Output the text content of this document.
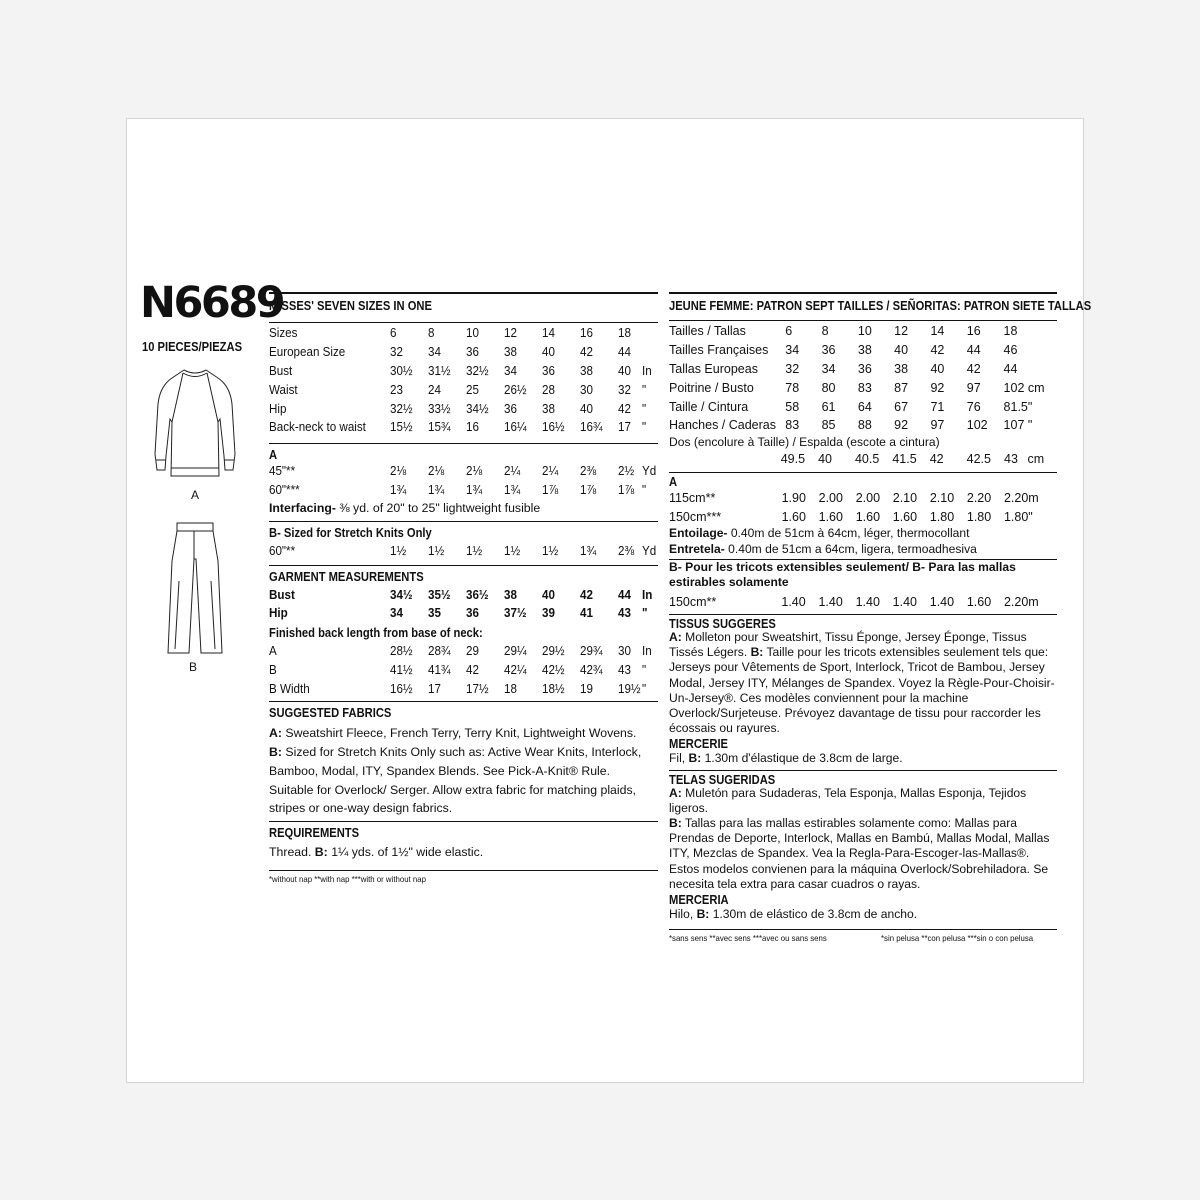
N6689
10 PIECES/PIEZAS
A
B
MISSES' SEVEN SIZES IN ONE
Sizes	6	8	10	12	14	16	18	
European Size	32	34	36	38	40	42	44	
Bust	30½	31½	32½	34	36	38	40	In
Waist	23	24	25	26½	28	30	32	"
Hip	32½	33½	34½	36	38	40	42	"
Back-neck to waist	15½	15¾	16	16¼	16½	16¾	17	"
A
45"**	2⅛	2⅛	2⅛	2¼	2¼	2⅜	2½	Yd
60"***	1¾	1¾	1¾	1¾	1⅞	1⅞	1⅞	"
Interfacing- ⅜ yd. of 20" to 25" lightweight fusible
B- Sized for Stretch Knits Only
60"**	1½	1½	1½	1½	1½	1¾	2⅜	Yd
GARMENT MEASUREMENTS
Bust	34½	35½	36½	38	40	42	44	In
Hip	34	35	36	37½	39	41	43	"
Finished back length from base of neck:
A	28½	28¾	29	29¼	29½	29¾	30	In
B	41½	41¾	42	42¼	42½	42¾	43	"
B Width	16½	17	17½	18	18½	19	19½	"
SUGGESTED FABRICS
A: Sweatshirt Fleece, French Terry, Terry Knit, Lightweight Wovens.
B: Sized for Stretch Knits Only such as: Active Wear Knits, Interlock, Bamboo, Modal, ITY, Spandex Blends. See Pick-A-Knit® Rule. Suitable for Overlock/ Serger. Allow extra fabric for matching plaids, stripes or one-way design fabrics.
REQUIREMENTS
Thread. B: 1¼ yds. of 1½" wide elastic.
*without nap **with nap ***with or without nap
JEUNE FEMME: PATRON SEPT TAILLES / SEÑORITAS: PATRON SIETE TALLAS
Tailles / Tallas	6	8	10	12	14	16	18	
Tailles Françaises	34	36	38	40	42	44	46	
Tallas Europeas	32	34	36	38	40	42	44	
Poitrine / Busto	78	80	83	87	92	97	102	cm
Taille / Cintura	58	61	64	67	71	76	81.5	"
Hanches / Caderas	83	85	88	92	97	102	107	"
Dos (encolure à Taille) / Espalda (escote a cintura)
	49.5	40	40.5	41.5	42	42.5	43	cm
A
115cm**	1.90	2.00	2.00	2.10	2.10	2.20	2.20	m
150cm***	1.60	1.60	1.60	1.60	1.80	1.80	1.80	"
Entoilage- 0.40m de 51cm à 64cm, léger, thermocollant
Entretela- 0.40m de 51cm a 64cm, ligera, termoadhesiva
B- Pour les tricots extensibles seulement/ B- Para las mallas estirables solamente
150cm**	1.40	1.40	1.40	1.40	1.40	1.60	2.20	m
TISSUS SUGGERES
A: Molleton pour Sweatshirt, Tissu Éponge, Jersey Éponge, Tissus Tissés Légers. B: Taille pour les tricots extensibles seulement tels que: Jerseys pour Vêtements de Sport, Interlock, Tricot de Bambou, Jersey Modal, Jersey ITY, Mélanges de Spandex. Voyez la Règle-Pour-Choisir-Un-Jersey®. Ces modèles conviennent pour la machine Overlock/Surjeteuse. Prévoyez davantage de tissu pour raccorder les écossais ou rayures.
MERCERIE
Fil, B: 1.30m d'élastique de 3.8cm de large.
TELAS SUGERIDAS
A: Muletón para Sudaderas, Tela Esponja, Mallas Esponja, Tejidos ligeros.
B: Tallas para las mallas estirables solamente como: Mallas para Prendas de Deporte, Interlock, Mallas en Bambú, Mallas Modal, Mallas ITY, Mezclas de Spandex. Vea la Regla-Para-Escoger-las-Mallas®. Estos modelos convienen para la máquina Overlock/Sobrehiladora. Se necesita tela extra para casar cuadros o rayas.
MERCERIA
Hilo, B: 1.30m de elástico de 3.8cm de ancho.
*sans sens **avec sens ***avec ou sans sens	*sin pelusa **con pelusa ***sin o con pelusa
